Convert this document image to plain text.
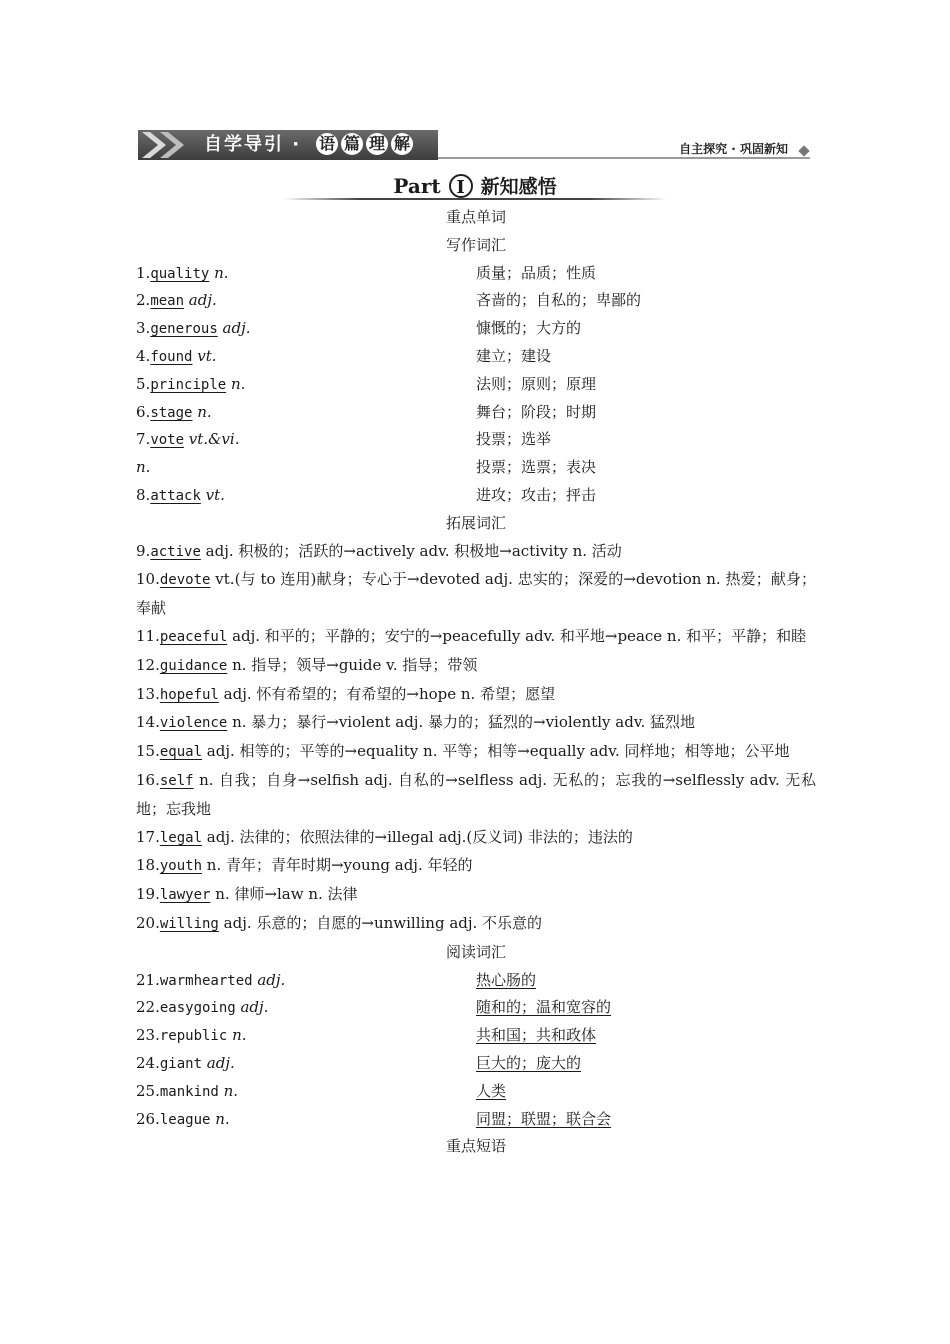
自学导引 · 语 篇 理 解	自主探究 · 巩固新知
Part I 新知感悟
重点单词
写作词汇
1.quality n.	质量；品质；性质
2.mean adj.	吝啬的；自私的；卑鄙的
3.generous adj.	慷慨的；大方的
4.found vt.	建立；建设
5.principle n.	法则；原则；原理
6.stage n.	舞台；阶段；时期
7.vote vt.&vi.	投票；选举
n.	投票；选票；表决
8.attack vt.	进攻；攻击；抨击
拓展词汇
9.active adj. 积极的；活跃的→actively adv. 积极地→activity n. 活动
10.devote vt.(与 to 连用)献身；专心于→devoted adj. 忠实的；深爱的→devotion n. 热爱；献身；奉献
11.peaceful adj. 和平的；平静的；安宁的→peacefully adv. 和平地→peace n. 和平；平静；和睦
12.guidance n. 指导；领导→guide v. 指导；带领
13.hopeful adj. 怀有希望的；有希望的→hope n. 希望；愿望
14.violence n. 暴力；暴行→violent adj. 暴力的；猛烈的→violently adv. 猛烈地
15.equal adj. 相等的；平等的→equality n. 平等；相等→equally adv. 同样地；相等地；公平地
16.self n. 自我；自身→selfish adj. 自私的→selfless adj. 无私的；忘我的→selflessly adv. 无私地；忘我地
17.legal adj. 法律的；依照法律的→illegal adj.(反义词) 非法的；违法的
18.youth n. 青年；青年时期→young adj. 年轻的
19.lawyer n. 律师→law n. 法律
20.willing adj. 乐意的；自愿的→unwilling adj. 不乐意的
阅读词汇
21.warmhearted adj.	热心肠的
22.easygoing adj.	随和的；温和宽容的
23.republic n.	共和国；共和政体
24.giant adj.	巨大的；庞大的
25.mankind n.	人类
26.league n.	同盟；联盟；联合会
重点短语
